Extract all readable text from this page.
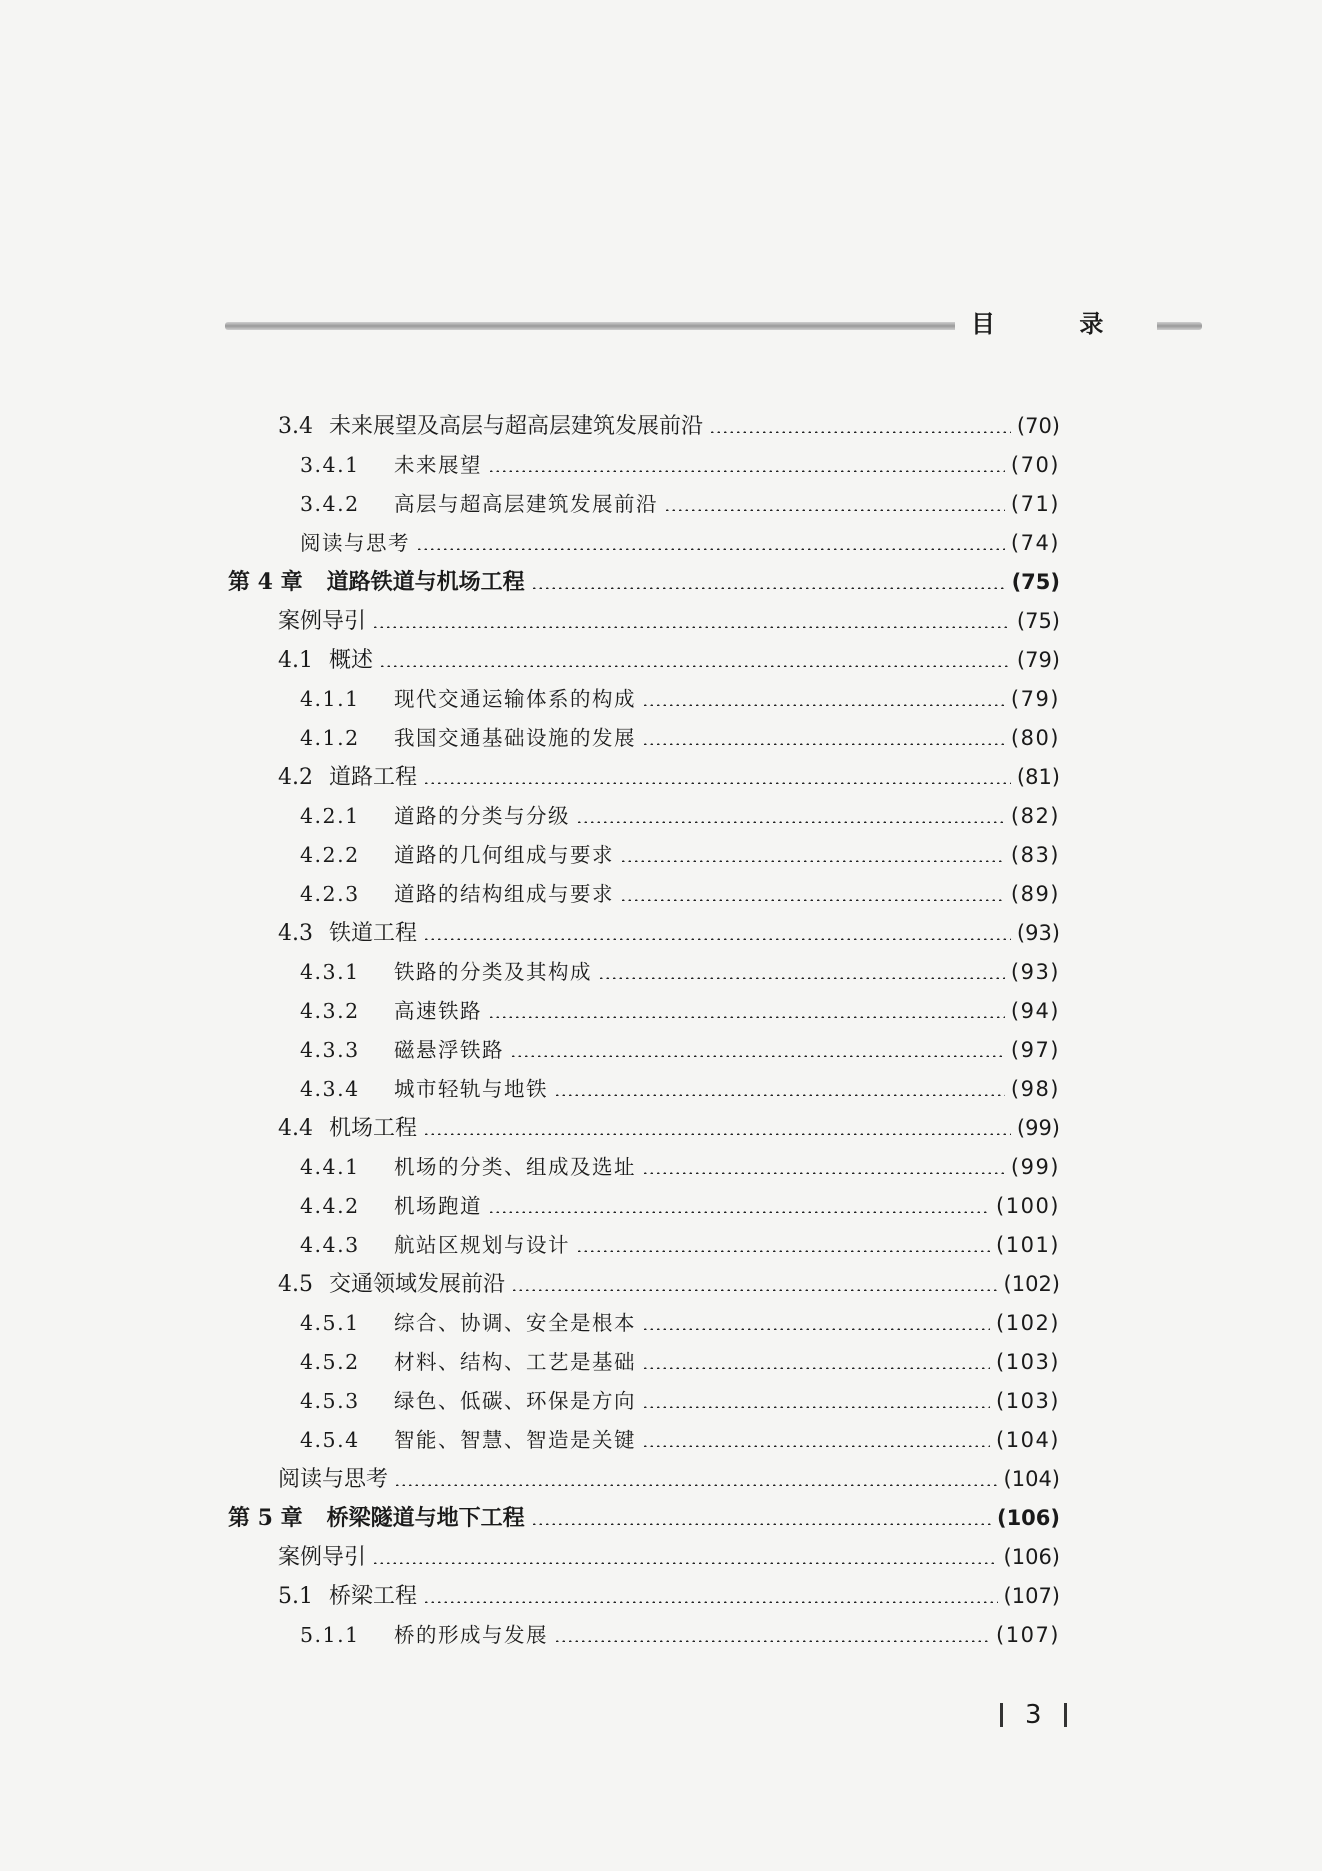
目 录
3.4 未来展望及高层与超高层建筑发展前沿	(70)
3.4.1	未来展望	(70)
3.4.2	高层与超高层建筑发展前沿	(71)
阅读与思考	(74)
第 4 章 道路铁道与机场工程	(75)
案例导引	(75)
4.1 概述	(79)
4.1.1	现代交通运输体系的构成	(79)
4.1.2	我国交通基础设施的发展	(80)
4.2 道路工程	(81)
4.2.1	道路的分类与分级	(82)
4.2.2	道路的几何组成与要求	(83)
4.2.3	道路的结构组成与要求	(89)
4.3 铁道工程	(93)
4.3.1	铁路的分类及其构成	(93)
4.3.2	高速铁路	(94)
4.3.3	磁悬浮铁路	(97)
4.3.4	城市轻轨与地铁	(98)
4.4 机场工程	(99)
4.4.1	机场的分类、组成及选址	(99)
4.4.2	机场跑道	(100)
4.4.3	航站区规划与设计	(101)
4.5 交通领域发展前沿	(102)
4.5.1	综合、协调、安全是根本	(102)
4.5.2	材料、结构、工艺是基础	(103)
4.5.3	绿色、低碳、环保是方向	(103)
4.5.4	智能、智慧、智造是关键	(104)
阅读与思考	(104)
第 5 章 桥梁隧道与地下工程	(106)
案例导引	(106)
5.1 桥梁工程	(107)
5.1.1	桥的形成与发展	(107)
3
